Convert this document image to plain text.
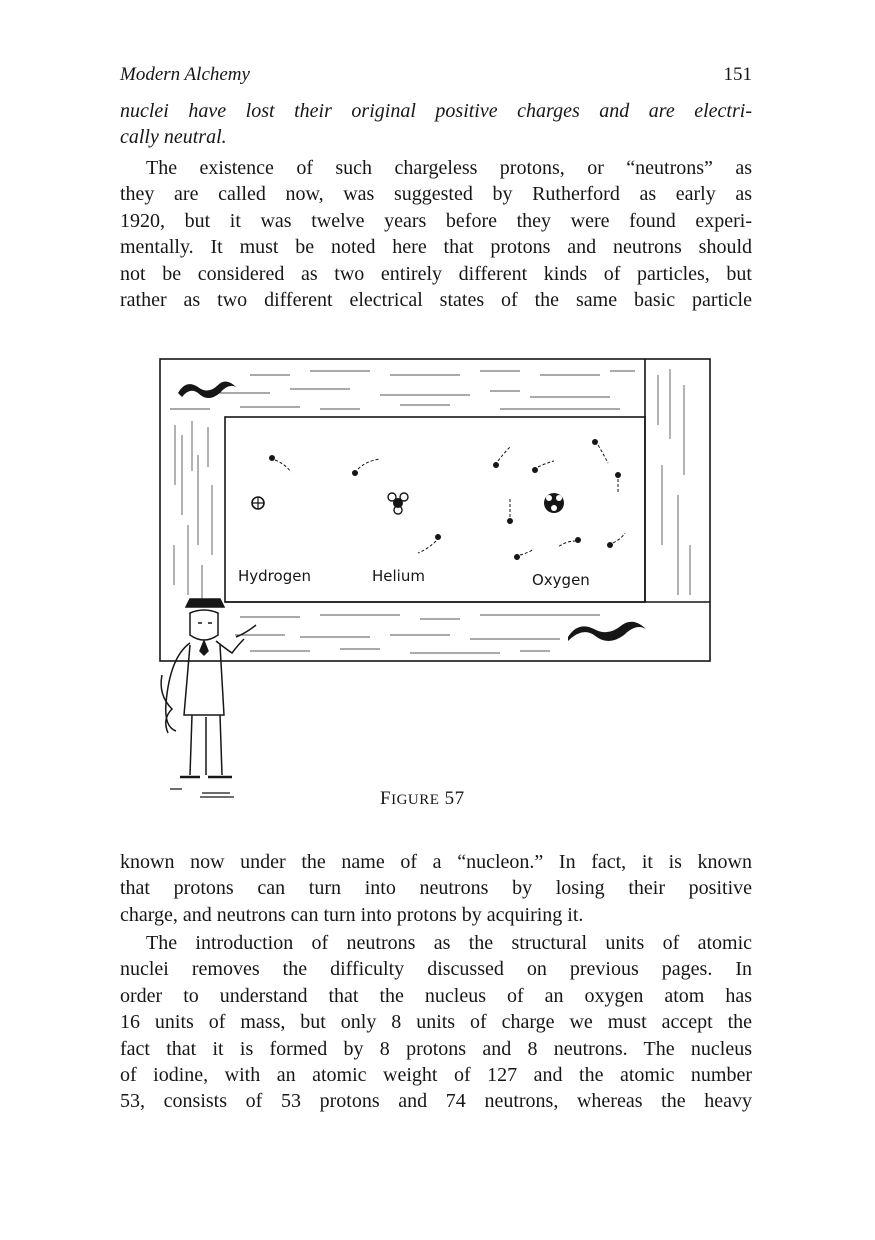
Modern Alchemy	151

nuclei have lost their original positive charges and are electri-
cally neutral.

The existence of such chargeless protons, or “neutrons” as
they are called now, was suggested by Rutherford as early as
1920, but it was twelve years before they were found experi-
mentally. It must be noted here that protons and neutrons should
not be considered as two entirely different kinds of particles, but
rather as two different electrical states of the same basic particle

Hydrogen	Helium	Oxygen
FIGURE 57

known now under the name of a “nucleon.” In fact, it is known
that protons can turn into neutrons by losing their positive
charge, and neutrons can turn into protons by acquiring it.

The introduction of neutrons as the structural units of atomic
nuclei removes the difficulty discussed on previous pages. In
order to understand that the nucleus of an oxygen atom has
16 units of mass, but only 8 units of charge we must accept the
fact that it is formed by 8 protons and 8 neutrons. The nucleus
of iodine, with an atomic weight of 127 and the atomic number
53, consists of 53 protons and 74 neutrons, whereas the heavy
